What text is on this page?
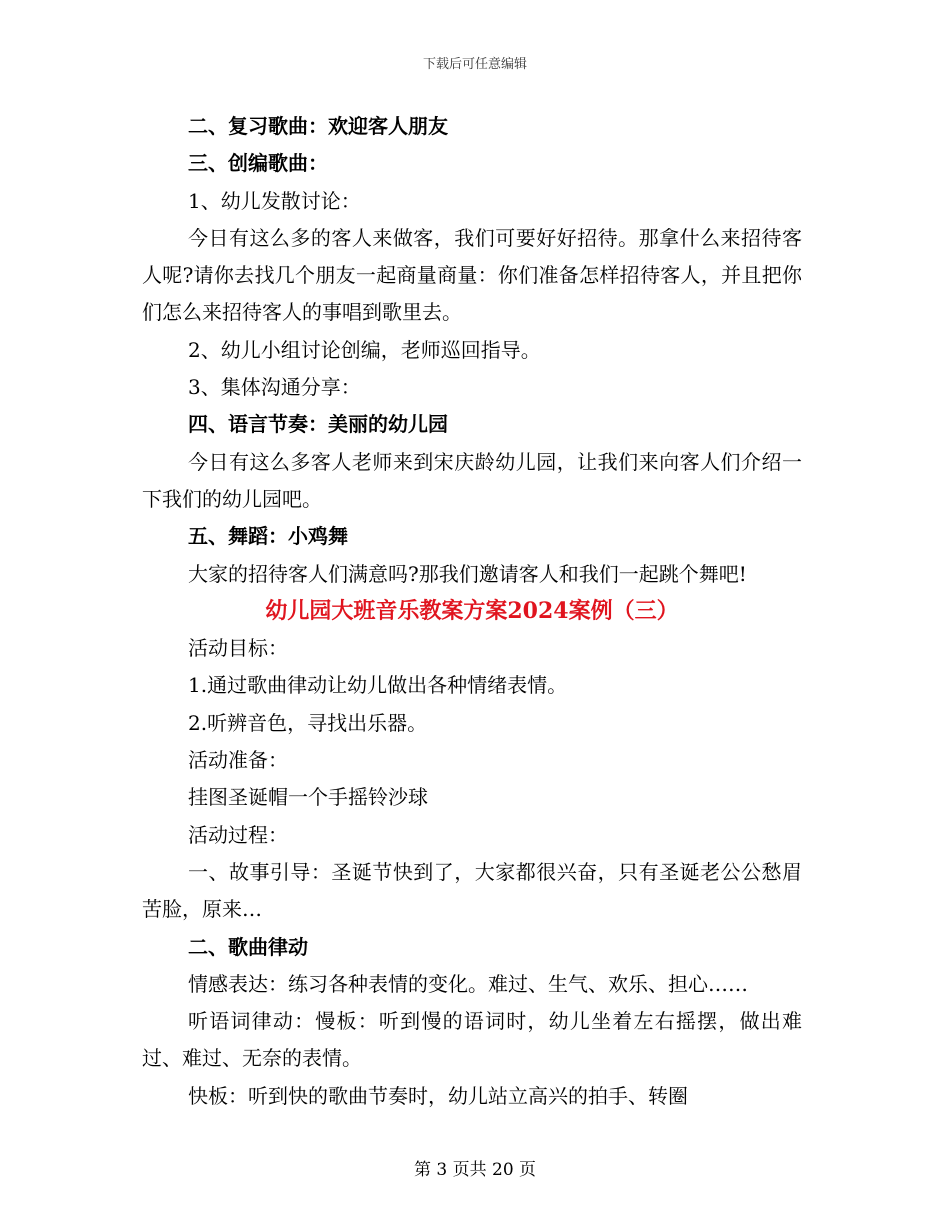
下载后可任意编辑

二、复习歌曲：欢迎客人朋友

三、创编歌曲：

1、幼儿发散讨论：

今日有这么多的客人来做客，我们可要好好招待。那拿什么来招待客人呢?请你去找几个朋友一起商量商量：你们准备怎样招待客人，并且把你们怎么来招待客人的事唱到歌里去。

2、幼儿小组讨论创编，老师巡回指导。

3、集体沟通分享：

四、语言节奏：美丽的幼儿园

今日有这么多客人老师来到宋庆龄幼儿园，让我们来向客人们介绍一下我们的幼儿园吧。

五、舞蹈：小鸡舞

大家的招待客人们满意吗?那我们邀请客人和我们一起跳个舞吧!

幼儿园大班音乐教案方案2024案例（三）

活动目标：

1.通过歌曲律动让幼儿做出各种情绪表情。

2.听辨音色，寻找出乐器。

活动准备：

挂图圣诞帽一个手摇铃沙球

活动过程：

一、故事引导：圣诞节快到了，大家都很兴奋，只有圣诞老公公愁眉苦脸，原来…

二、歌曲律动

情感表达：练习各种表情的变化。难过、生气、欢乐、担心……

听语词律动：慢板：听到慢的语词时，幼儿坐着左右摇摆，做出难过、难过、无奈的表情。

快板：听到快的歌曲节奏时，幼儿站立高兴的拍手、转圈

第 3 页共 20 页
